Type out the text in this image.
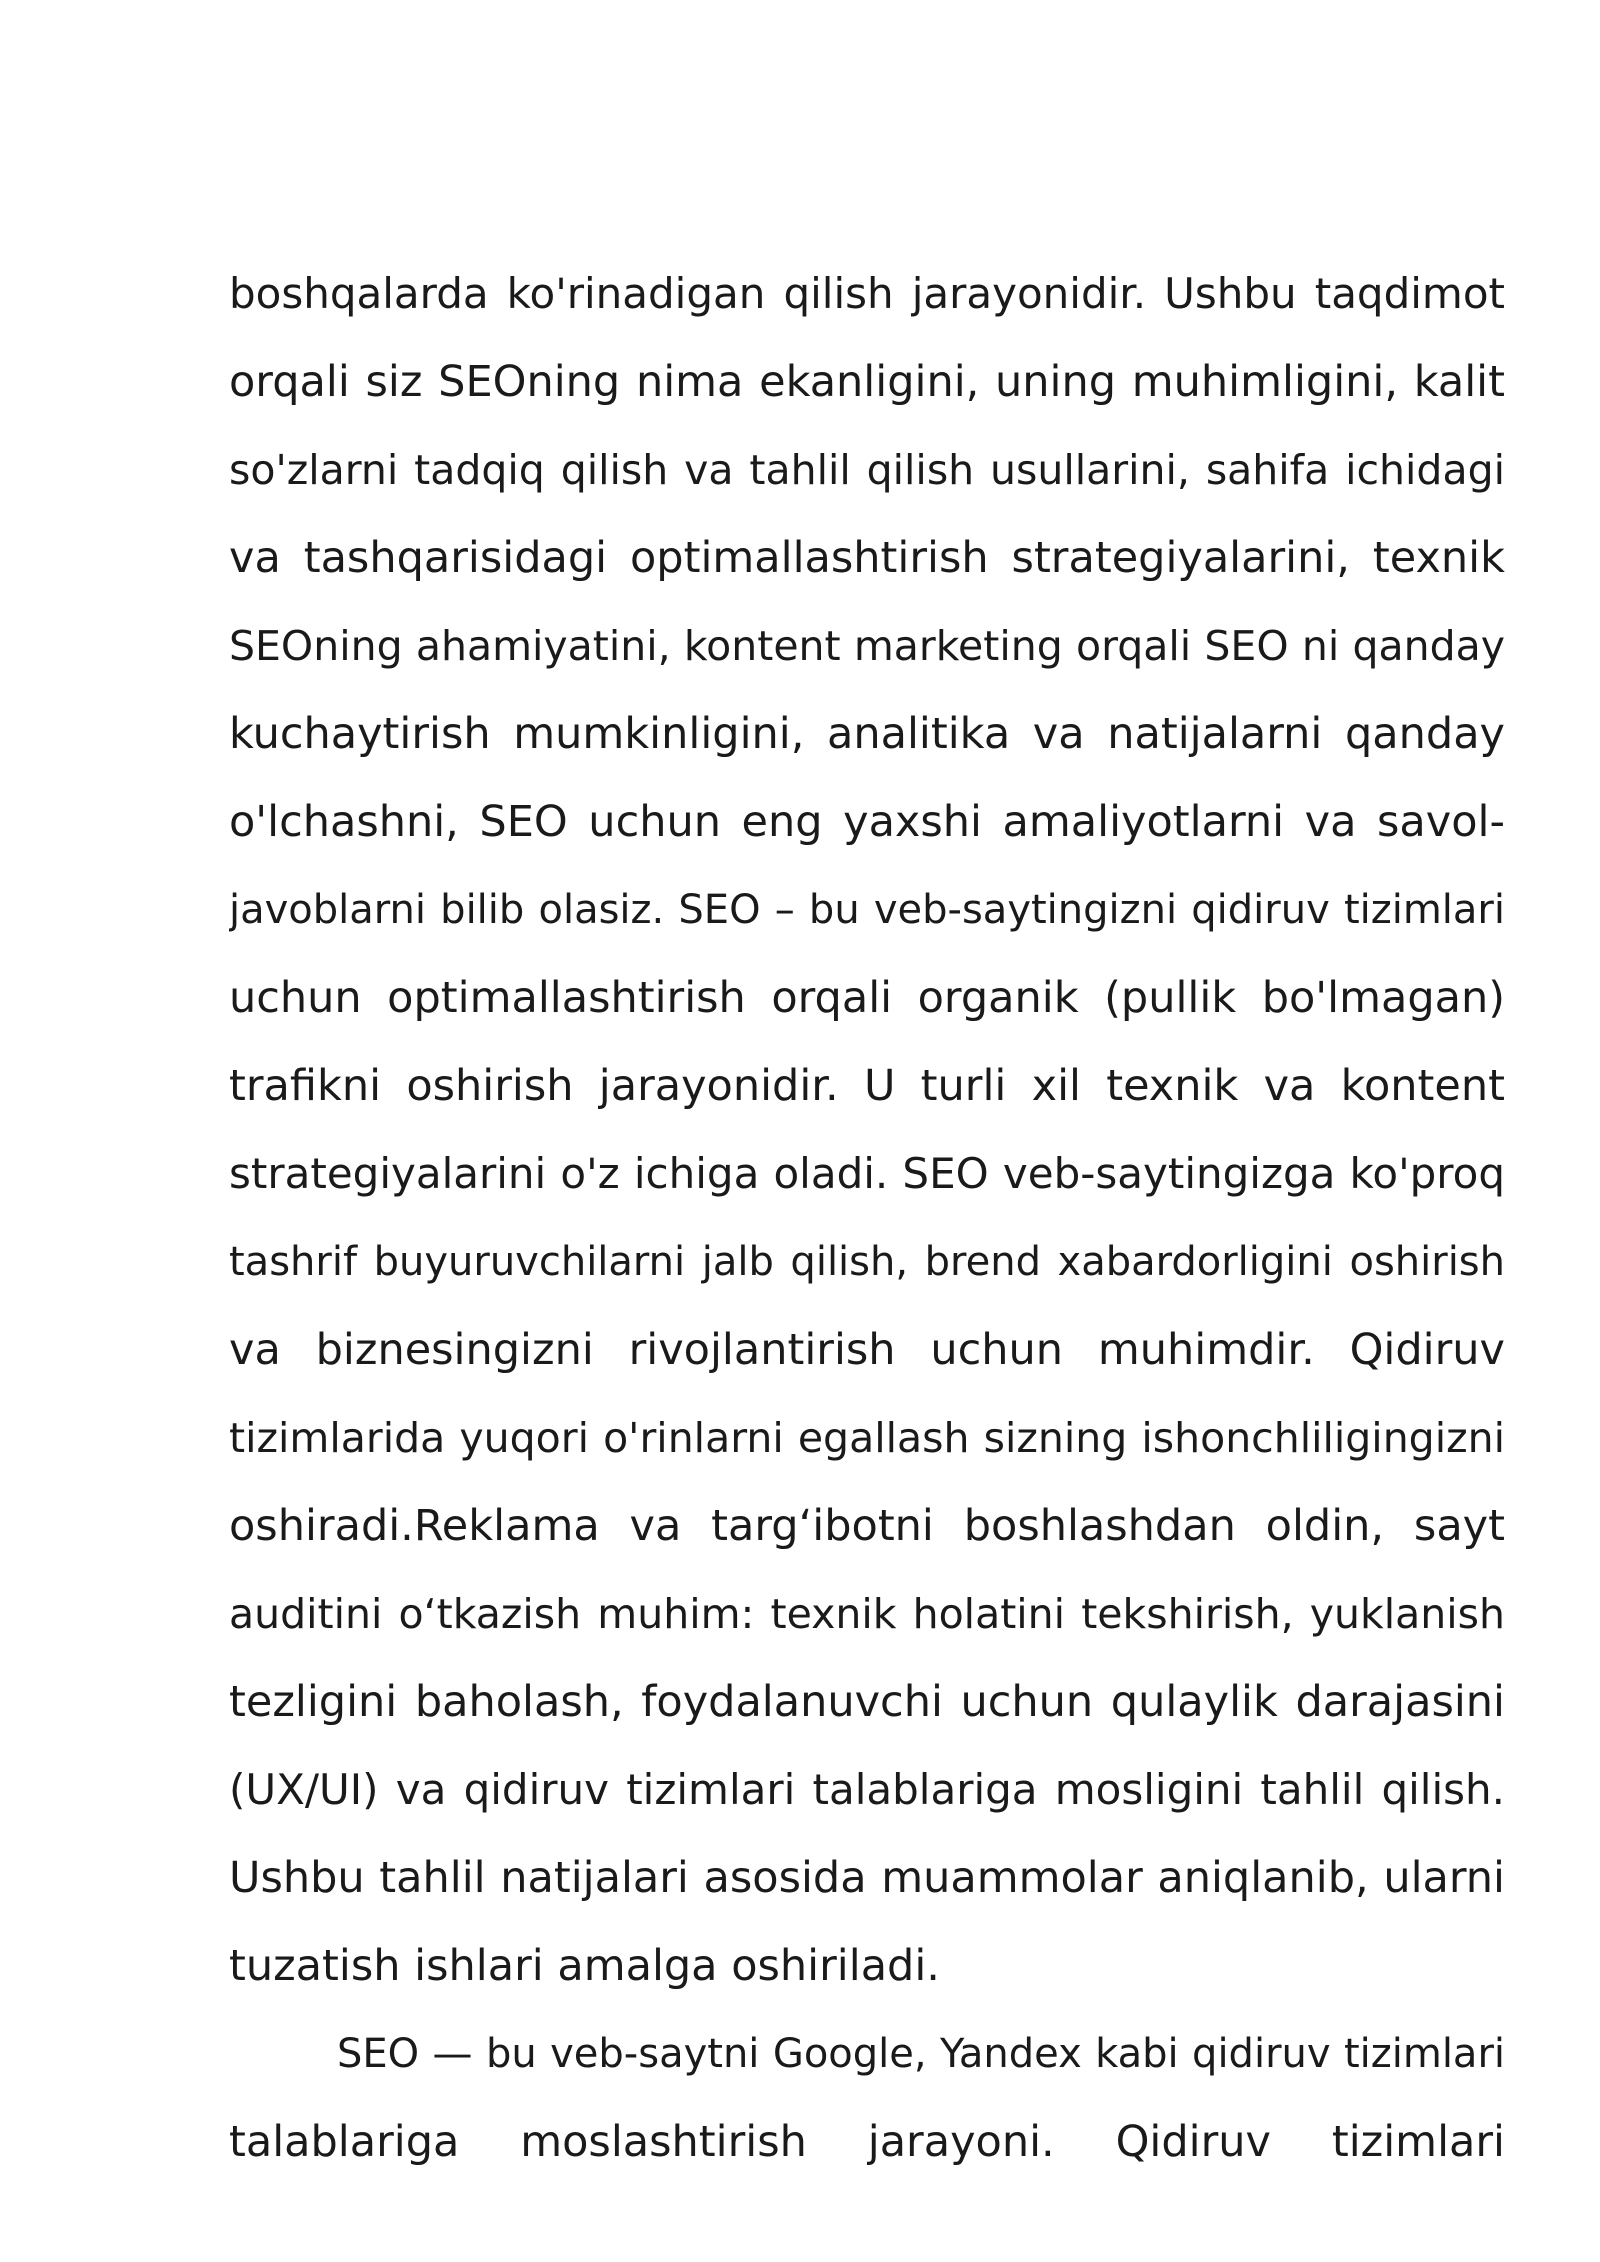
boshqalarda ko'rinadigan qilish jarayonidir. Ushbu taqdimot
orqali siz SEOning nima ekanligini, uning muhimligini, kalit
so'zlarni tadqiq qilish va tahlil qilish usullarini, sahifa ichidagi
va tashqarisidagi optimallashtirish strategiyalarini, texnik
SEOning ahamiyatini, kontent marketing orqali SEO ni qanday
kuchaytirish mumkinligini, analitika va natijalarni qanday
o'lchashni, SEO uchun eng yaxshi amaliyotlarni va savol-
javoblarni bilib olasiz. SEO – bu veb-saytingizni qidiruv tizimlari
uchun optimallashtirish orqali organik (pullik bo'lmagan)
trafikni oshirish jarayonidir. U turli xil texnik va kontent
strategiyalarini o'z ichiga oladi. SEO veb-saytingizga ko'proq
tashrif buyuruvchilarni jalb qilish, brend xabardorligini oshirish
va biznesingizni rivojlantirish uchun muhimdir. Qidiruv
tizimlarida yuqori o'rinlarni egallash sizning ishonchliligingizni
oshiradi.Reklama va targ‘ibotni boshlashdan oldin, sayt
auditini o‘tkazish muhim: texnik holatini tekshirish, yuklanish
tezligini baholash, foydalanuvchi uchun qulaylik darajasini
(UX/UI) va qidiruv tizimlari talablariga mosligini tahlil qilish.
Ushbu tahlil natijalari asosida muammolar aniqlanib, ularni
tuzatish ishlari amalga oshiriladi.
SEO — bu veb-saytni Google, Yandex kabi qidiruv tizimlari
talablariga moslashtirish jarayoni. Qidiruv tizimlari
